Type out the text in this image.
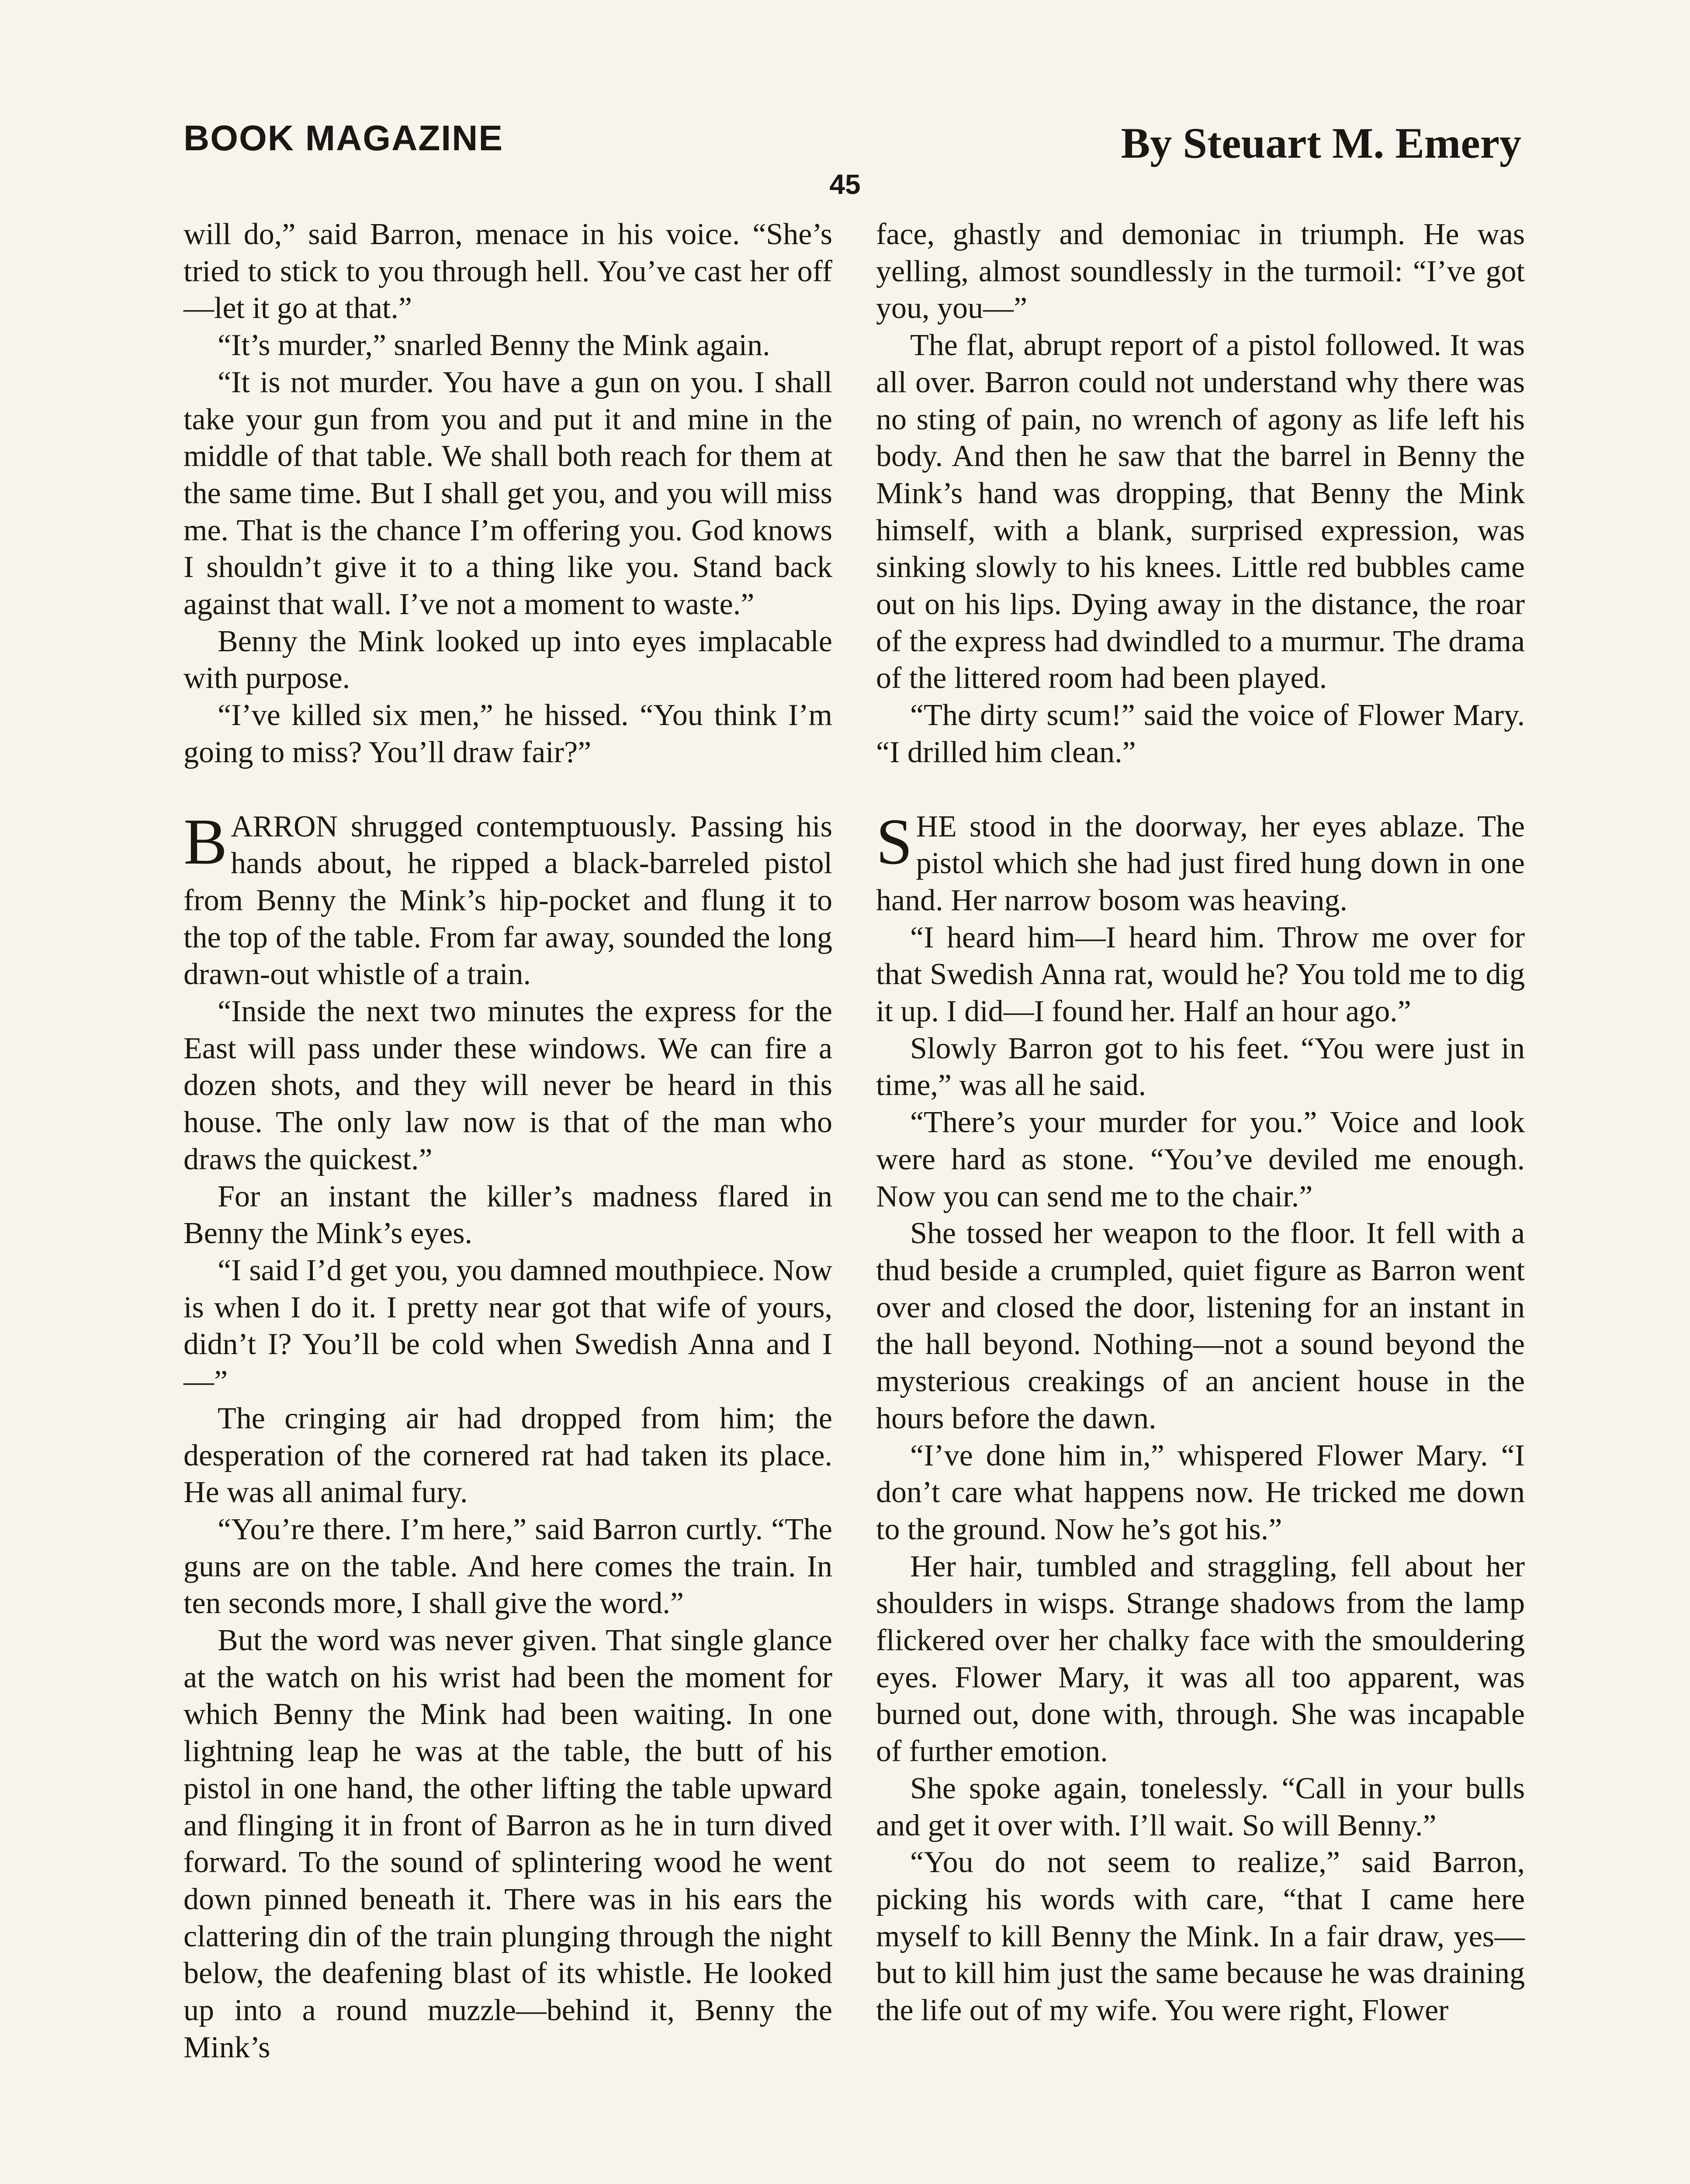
BOOK MAGAZINE	By Steuart M. Emery
45

will do,” said Barron, menace in his voice. “She’s tried to stick to you through hell. You’ve cast her off—let it go at that.”

“It’s murder,” snarled Benny the Mink again.

“It is not murder. You have a gun on you. I shall take your gun from you and put it and mine in the middle of that table. We shall both reach for them at the same time. But I shall get you, and you will miss me. That is the chance I’m offering you. God knows I shouldn’t give it to a thing like you. Stand back against that wall. I’ve not a moment to waste.”

Benny the Mink looked up into eyes implacable with purpose.

“I’ve killed six men,” he hissed. “You think I’m going to miss? You’ll draw fair?”

BARRON shrugged contemptuously. Passing his hands about, he ripped a black-barreled pistol from Benny the Mink’s hip-pocket and flung it to the top of the table. From far away, sounded the long drawn-out whistle of a train.

“Inside the next two minutes the express for the East will pass under these windows. We can fire a dozen shots, and they will never be heard in this house. The only law now is that of the man who draws the quickest.”

For an instant the killer’s madness flared in Benny the Mink’s eyes.

“I said I’d get you, you damned mouthpiece. Now is when I do it. I pretty near got that wife of yours, didn’t I? You’ll be cold when Swedish Anna and I—”

The cringing air had dropped from him; the desperation of the cornered rat had taken its place. He was all animal fury.

“You’re there. I’m here,” said Barron curtly. “The guns are on the table. And here comes the train. In ten seconds more, I shall give the word.”

But the word was never given. That single glance at the watch on his wrist had been the moment for which Benny the Mink had been waiting. In one lightning leap he was at the table, the butt of his pistol in one hand, the other lifting the table upward and flinging it in front of Barron as he in turn dived forward. To the sound of splintering wood he went down pinned beneath it. There was in his ears the clattering din of the train plunging through the night below, the deafening blast of its whistle. He looked up into a round muzzle—behind it, Benny the Mink’s

face, ghastly and demoniac in triumph. He was yelling, almost soundlessly in the turmoil: “I’ve got you, you—”

The flat, abrupt report of a pistol followed. It was all over. Barron could not understand why there was no sting of pain, no wrench of agony as life left his body. And then he saw that the barrel in Benny the Mink’s hand was dropping, that Benny the Mink himself, with a blank, surprised expression, was sinking slowly to his knees. Little red bubbles came out on his lips. Dying away in the distance, the roar of the express had dwindled to a murmur. The drama of the littered room had been played.

“The dirty scum!” said the voice of Flower Mary. “I drilled him clean.”

SHE stood in the doorway, her eyes ablaze. The pistol which she had just fired hung down in one hand. Her narrow bosom was heaving.

“I heard him—I heard him. Throw me over for that Swedish Anna rat, would he? You told me to dig it up. I did—I found her. Half an hour ago.”

Slowly Barron got to his feet. “You were just in time,” was all he said.

“There’s your murder for you.” Voice and look were hard as stone. “You’ve deviled me enough. Now you can send me to the chair.”

She tossed her weapon to the floor. It fell with a thud beside a crumpled, quiet figure as Barron went over and closed the door, listening for an instant in the hall beyond. Nothing—not a sound beyond the mysterious creakings of an ancient house in the hours before the dawn.

“I’ve done him in,” whispered Flower Mary. “I don’t care what happens now. He tricked me down to the ground. Now he’s got his.”

Her hair, tumbled and straggling, fell about her shoulders in wisps. Strange shadows from the lamp flickered over her chalky face with the smouldering eyes. Flower Mary, it was all too apparent, was burned out, done with, through. She was incapable of further emotion.

She spoke again, tonelessly. “Call in your bulls and get it over with. I’ll wait. So will Benny.”

“You do not seem to realize,” said Barron, picking his words with care, “that I came here myself to kill Benny the Mink. In a fair draw, yes—but to kill him just the same because he was draining the life out of my wife. You were right, Flower
